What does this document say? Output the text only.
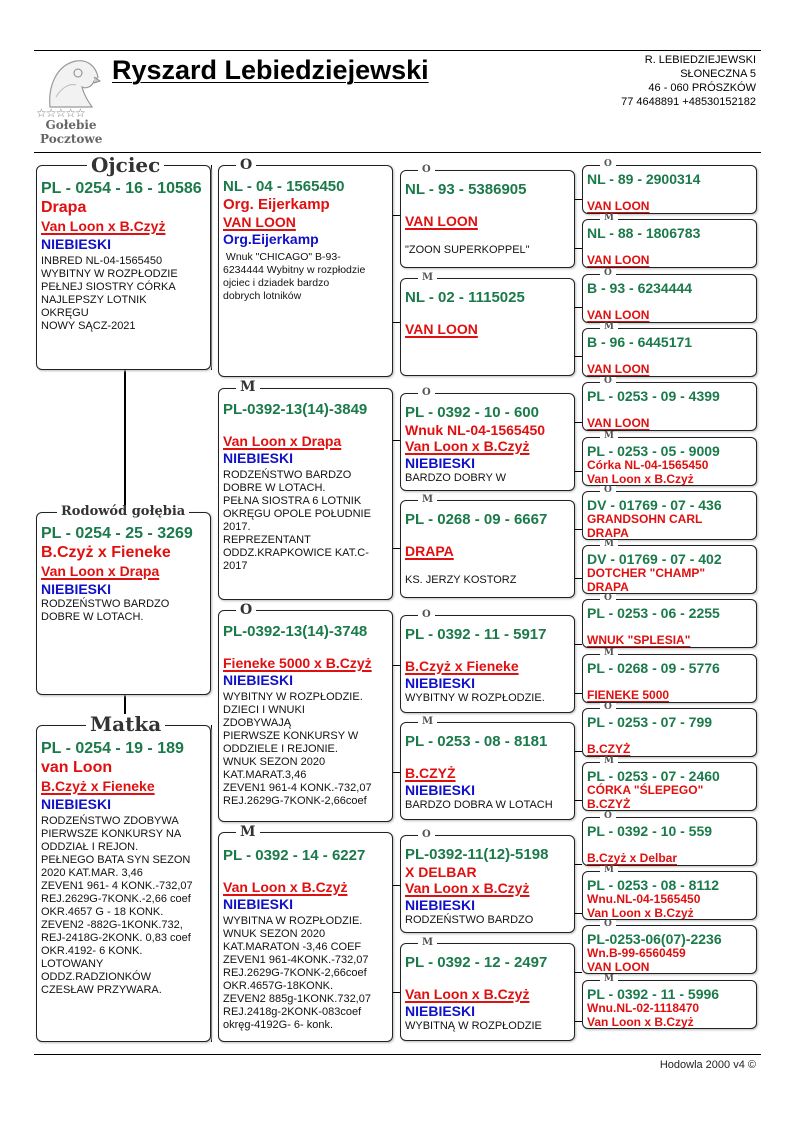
☆☆☆☆☆
Gołebie
Pocztowe
Ryszard Lebiedziejewski	R. LEBIEDZIEJEWSKI
SŁONECZNA 5
46 - 060 PRÓSZKÓW
77 4648891 +48530152182
PL - 0254 - 25 - 3269
B.Czyż x Fieneke
Van Loon x Drapa
NIEBIESKI
RODZEŃSTWO BARDZO DOBRE W LOTACH.
Rodowód gołębia
PL - 0254 - 16 - 10586
Drapa
Van Loon x B.Czyż
NIEBIESKI
INBRED NL-04-1565450
WYBITNY W ROZPŁODZIE
PEŁNEJ SIOSTRY CÓRKA
NAJLEPSZY LOTNIK
OKRĘGU
NOWY SĄCZ-2021
Ojciec
PL - 0254 - 19 - 189
van Loon
B.Czyż x Fieneke
NIEBIESKI
RODZEŃSTWO ZDOBYWA
PIERWSZE KONKURSY NA
ODDZIAŁ I REJON.
PEŁNEGO BATA SYN SEZON
2020 KAT.MAR. 3,46
ZEVEN1 961- 4 KONK.-732,07
REJ.2629G-7KONK.-2,66 coef
OKR.4657 G - 18 KONK.
ZEVEN2 -882G-1KONK.732,
REJ-2418G-2KONK. 0,83 coef
OKR.4192- 6 KONK.
LOTOWANY
ODDZ.RADZIONKÓW
CZESŁAW PRZYWARA.
Matka
NL - 04 - 1565450
Org. Eijerkamp
VAN LOON
Org.Eijerkamp
Wnuk "CHICAGO" B-93-
6234444 Wybitny w rozpłodzie
ojciec i dziadek bardzo
dobrych lotników
O
PL-0392-13(14)-3849
Van Loon x Drapa
NIEBIESKI
RODZEŃSTWO BARDZO
DOBRE W LOTACH.
PEŁNA SIOSTRA 6 LOTNIK
OKRĘGU OPOLE POŁUDNIE
2017.
REPREZENTANT
ODDZ.KRAPKOWICE KAT.C-
2017
M
PL-0392-13(14)-3748
Fieneke 5000 x B.Czyż
NIEBIESKI
WYBITNY W ROZPŁODZIE.
DZIECI I WNUKI
ZDOBYWAJĄ
PIERWSZE KONKURSY W
ODDZIELE I REJONIE.
WNUK SEZON 2020
KAT.MARAT.3,46
ZEVEN1 961-4 KONK.-732,07
REJ.2629G-7KONK-2,66coef
O
PL - 0392 - 14 - 6227
Van Loon x B.Czyż
NIEBIESKI
WYBITNA W ROZPŁODZIE.
WNUK SEZON 2020
KAT.MARATON -3,46 COEF
ZEVEN1 961-4KONK.-732,07
REJ.2629G-7KONK-2,66coef
OKR.4657G-18KONK.
ZEVEN2 885g-1KONK.732,07
REJ.2418g-2KONK-083coef
okręg-4192G- 6- konk.
M
NL - 93 - 5386905
VAN LOON
"ZOON SUPERKOPPEL"
O
NL - 02 - 1115025
VAN LOON
M
PL - 0392 - 10 - 600
Wnuk NL-04-1565450
Van Loon x B.Czyż
NIEBIESKI
BARDZO DOBRY W
O
PL - 0268 - 09 - 6667
DRAPA
KS. JERZY KOSTORZ
M
PL - 0392 - 11 - 5917
B.Czyż x Fieneke
NIEBIESKI
WYBITNY W ROZPŁODZIE.
O
PL - 0253 - 08 - 8181
B.CZYŻ
NIEBIESKI
BARDZO DOBRA W LOTACH
M
PL-0392-11(12)-5198
X DELBAR
Van Loon x B.Czyż
NIEBIESKI
RODZEŃSTWO BARDZO
O
PL - 0392 - 12 - 2497
Van Loon x B.Czyż
NIEBIESKI
WYBITNĄ W ROZPŁODZIE
M
NL - 89 - 2900314
VAN LOON
O
NL - 88 - 1806783
VAN LOON
M
B - 93 - 6234444
VAN LOON
O
B - 96 - 6445171
VAN LOON
M
PL - 0253 - 09 - 4399
VAN LOON
O
PL - 0253 - 05 - 9009
Córka NL-04-1565450
Van Loon x B.Czyż
M
DV - 01769 - 07 - 436
GRANDSOHN CARL
DRAPA
O
DV - 01769 - 07 - 402
DOTCHER "CHAMP"
DRAPA
M
PL - 0253 - 06 - 2255
WNUK "SPLESIA"
O
PL - 0268 - 09 - 5776
FIENEKE 5000
M
PL - 0253 - 07 - 799
B.CZYŻ
O
PL - 0253 - 07 - 2460
CÓRKA "ŚLEPEGO"
B.CZYŻ
M
PL - 0392 - 10 - 559
B.Czyż x Delbar
O
PL - 0253 - 08 - 8112
Wnu.NL-04-1565450
Van Loon x B.Czyż
M
PL-0253-06(07)-2236
Wn.B-99-6560459
VAN LOON
O
PL - 0392 - 11 - 5996
Wnu.NL-02-1118470
Van Loon x B.Czyż
M
Hodowla 2000 v4 ©
